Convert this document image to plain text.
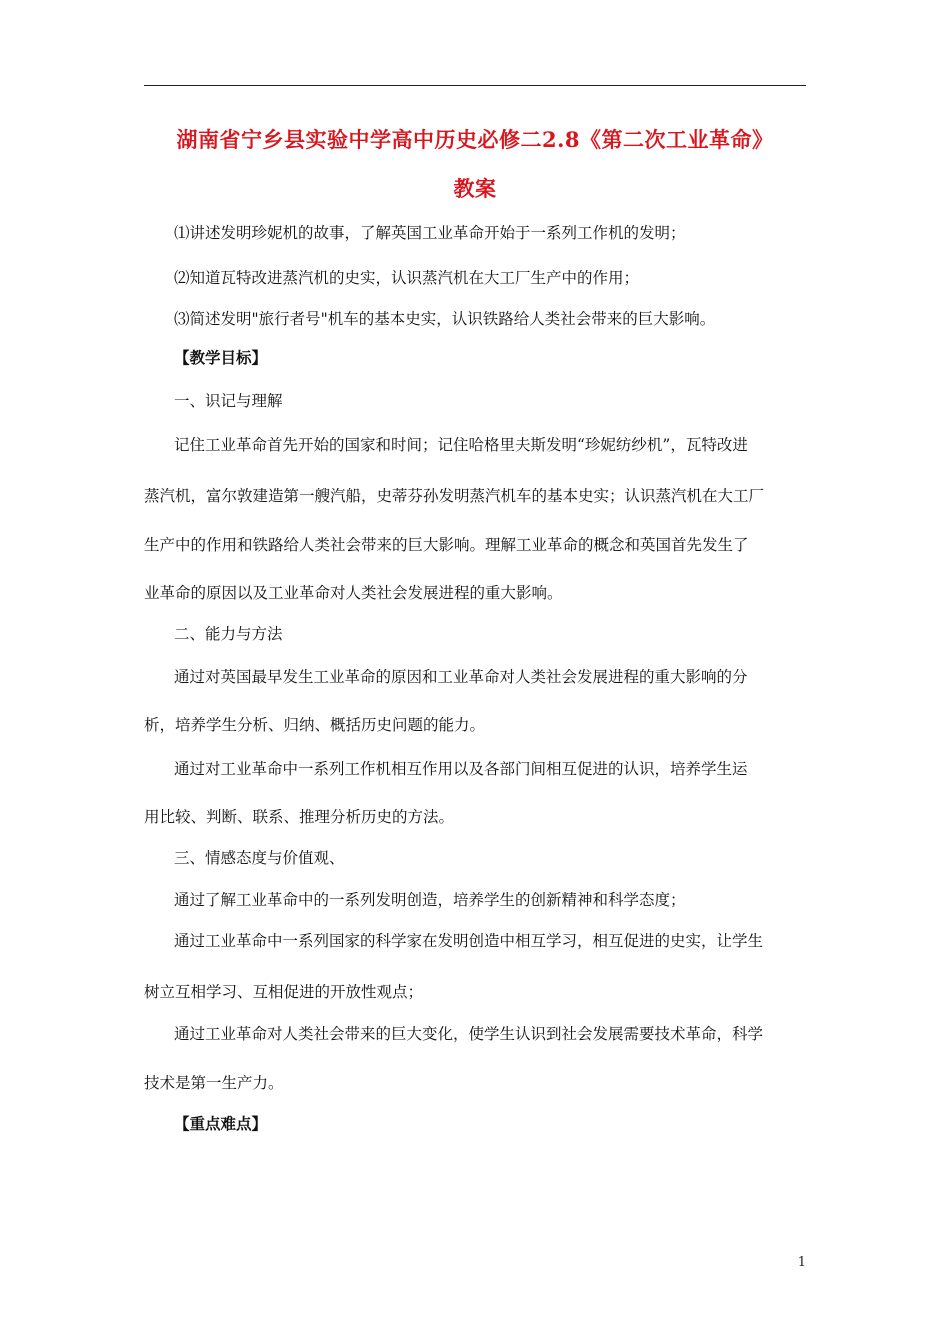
湖南省宁乡县实验中学高中历史必修二2.8《第二次工业革命》
教案
⑴讲述发明珍妮机的故事，了解英国工业革命开始于一系列工作机的发明；
⑵知道瓦特改进蒸汽机的史实，认识蒸汽机在大工厂生产中的作用；
⑶简述发明"旅行者号"机车的基本史实，认识铁路给人类社会带来的巨大影响。
【教学目标】
一、识记与理解
记住工业革命首先开始的国家和时间；记住哈格里夫斯发明“珍妮纺纱机”，瓦特改进
蒸汽机，富尔敦建造第一艘汽船，史蒂芬孙发明蒸汽机车的基本史实；认识蒸汽机在大工厂
生产中的作用和铁路给人类社会带来的巨大影响。理解工业革命的概念和英国首先发生了
业革命的原因以及工业革命对人类社会发展进程的重大影响。
二、能力与方法
通过对英国最早发生工业革命的原因和工业革命对人类社会发展进程的重大影响的分
析，培养学生分析、归纳、概括历史问题的能力。
通过对工业革命中一系列工作机相互作用以及各部门间相互促进的认识，培养学生运
用比较、判断、联系、推理分析历史的方法。
三、情感态度与价值观、
通过了解工业革命中的一系列发明创造，培养学生的创新精神和科学态度；
通过工业革命中一系列国家的科学家在发明创造中相互学习，相互促进的史实，让学生
树立互相学习、互相促进的开放性观点；
通过工业革命对人类社会带来的巨大变化，使学生认识到社会发展需要技术革命，科学
技术是第一生产力。
【重点难点】
1
